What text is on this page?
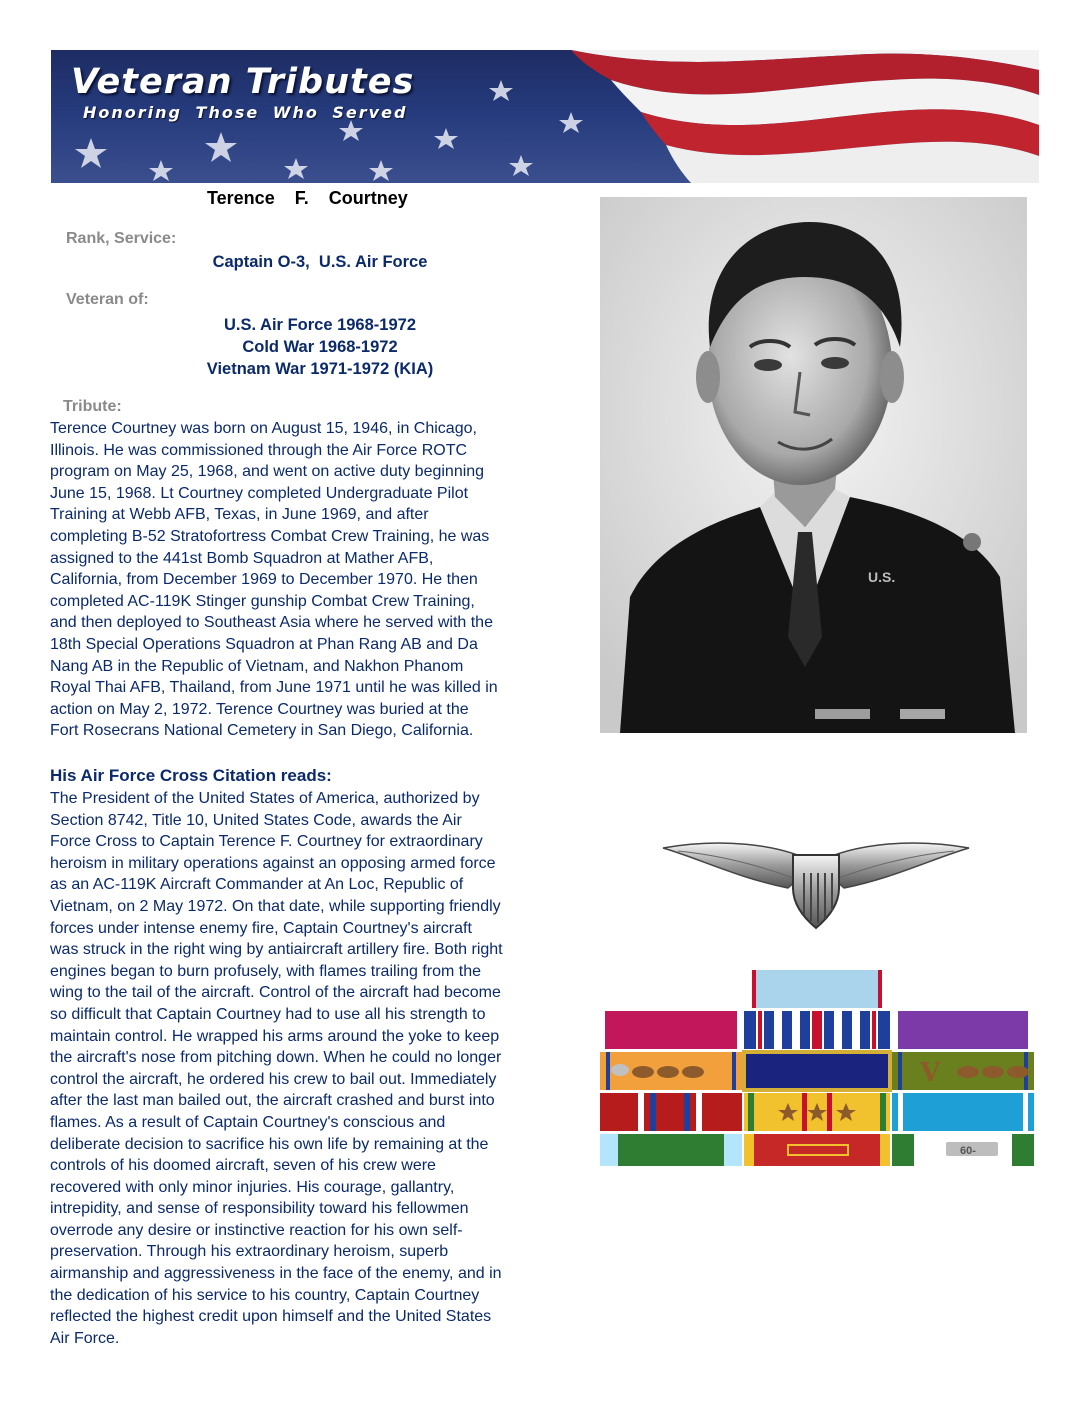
Veteran Tributes
Honoring Those Who Served
Terence  F.  Courtney
Rank, Service:
Captain O-3,  U.S. Air Force
Veteran of:
U.S. Air Force 1968-1972
Cold War 1968-1972
Vietnam War 1971-1972 (KIA)
Tribute:
Terence Courtney was born on August 15, 1946, in Chicago,
Illinois. He was commissioned through the Air Force ROTC
program on May 25, 1968, and went on active duty beginning
June 15, 1968. Lt Courtney completed Undergraduate Pilot
Training at Webb AFB, Texas, in June 1969, and after
completing B-52 Stratofortress Combat Crew Training, he was
assigned to the 441st Bomb Squadron at Mather AFB,
California, from December 1969 to December 1970. He then
completed AC-119K Stinger gunship Combat Crew Training,
and then deployed to Southeast Asia where he served with the
18th Special Operations Squadron at Phan Rang AB and Da
Nang AB in the Republic of Vietnam, and Nakhon Phanom
Royal Thai AFB, Thailand, from June 1971 until he was killed in
action on May 2, 1972. Terence Courtney was buried at the
Fort Rosecrans National Cemetery in San Diego, California.
His Air Force Cross Citation reads:
The President of the United States of America, authorized by
Section 8742, Title 10, United States Code, awards the Air
Force Cross to Captain Terence F. Courtney for extraordinary
heroism in military operations against an opposing armed force
as an AC-119K Aircraft Commander at An Loc, Republic of
Vietnam, on 2 May 1972. On that date, while supporting friendly
forces under intense enemy fire, Captain Courtney's aircraft
was struck in the right wing by antiaircraft artillery fire. Both right
engines began to burn profusely, with flames trailing from the
wing to the tail of the aircraft. Control of the aircraft had become
so difficult that Captain Courtney had to use all his strength to
maintain control. He wrapped his arms around the yoke to keep
the aircraft's nose from pitching down. When he could no longer
control the aircraft, he ordered his crew to bail out. Immediately
after the last man bailed out, the aircraft crashed and burst into
flames. As a result of Captain Courtney's conscious and
deliberate decision to sacrifice his own life by remaining at the
controls of his doomed aircraft, seven of his crew were
recovered with only minor injuries. His courage, gallantry,
intrepidity, and sense of responsibility toward his fellowmen
overrode any desire or instinctive reaction for his own self-
preservation. Through his extraordinary heroism, superb
airmanship and aggressiveness in the face of the enemy, and in
the dedication of his service to his country, Captain Courtney
reflected the highest credit upon himself and the United States
Air Force.
U.S.
V
60-
